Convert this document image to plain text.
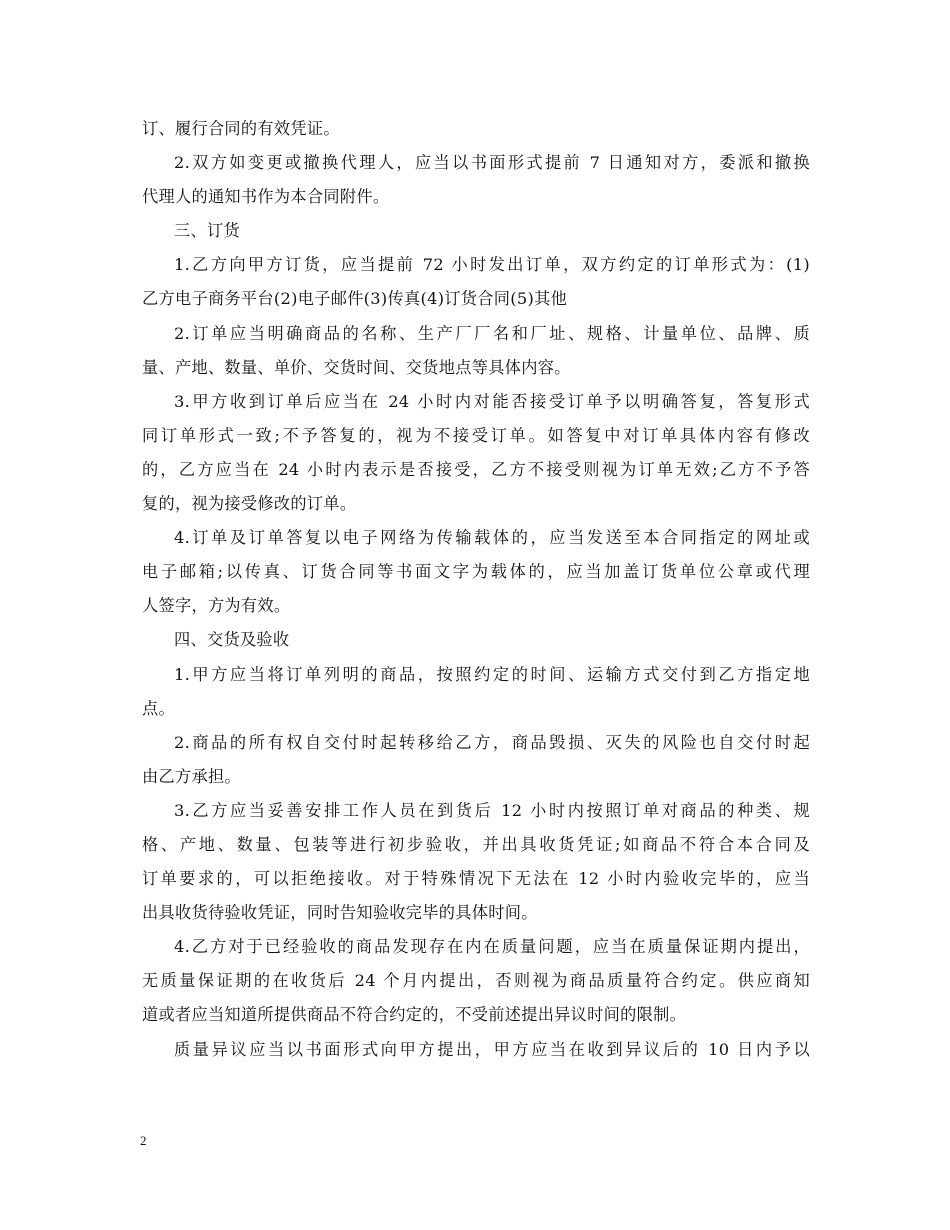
订、履行合同的有效凭证。
2.双方如变更或撤换代理人，应当以书面形式提前 7 日通知对方，委派和撤换
代理人的通知书作为本合同附件。
三、订货
1.乙方向甲方订货，应当提前 72 小时发出订单，双方约定的订单形式为：(1)
乙方电子商务平台(2)电子邮件(3)传真(4)订货合同(5)其他
2.订单应当明确商品的名称、生产厂厂名和厂址、规格、计量单位、品牌、质
量、产地、数量、单价、交货时间、交货地点等具体内容。
3.甲方收到订单后应当在 24 小时内对能否接受订单予以明确答复，答复形式
同订单形式一致;不予答复的，视为不接受订单。如答复中对订单具体内容有修改
的，乙方应当在 24 小时内表示是否接受，乙方不接受则视为订单无效;乙方不予答
复的，视为接受修改的订单。
4.订单及订单答复以电子网络为传输载体的，应当发送至本合同指定的网址或
电子邮箱;以传真、订货合同等书面文字为载体的，应当加盖订货单位公章或代理
人签字，方为有效。
四、交货及验收
1.甲方应当将订单列明的商品，按照约定的时间、运输方式交付到乙方指定地
点。
2.商品的所有权自交付时起转移给乙方，商品毁损、灭失的风险也自交付时起
由乙方承担。
3.乙方应当妥善安排工作人员在到货后 12 小时内按照订单对商品的种类、规
格、产地、数量、包装等进行初步验收，并出具收货凭证;如商品不符合本合同及
订单要求的，可以拒绝接收。对于特殊情况下无法在 12 小时内验收完毕的，应当
出具收货待验收凭证，同时告知验收完毕的具体时间。
4.乙方对于已经验收的商品发现存在内在质量问题，应当在质量保证期内提出，
无质量保证期的在收货后 24 个月内提出，否则视为商品质量符合约定。供应商知
道或者应当知道所提供商品不符合约定的，不受前述提出异议时间的限制。
质量异议应当以书面形式向甲方提出，甲方应当在收到异议后的 10 日内予以
2
